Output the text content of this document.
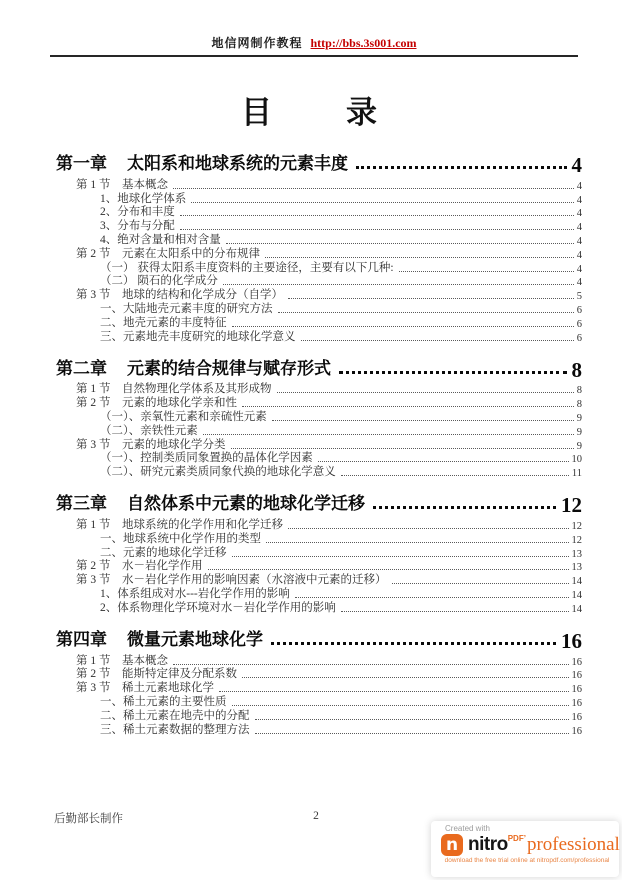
地信网制作教程 http://bbs.3s001.com
目　　录
第一章 太阳系和地球系统的元素丰度	4
第 1 节　基本概念	4
1、地球化学体系	4
2、分布和丰度	4
3、分布与分配	4
4、绝对含量和相对含量	4
第 2 节　元素在太阳系中的分布规律	4
（一） 获得太阳系丰度资料的主要途径，主要有以下几种:	4
（二） 陨石的化学成分	4
第 3 节　地球的结构和化学成分（自学）	5
一、大陆地壳元素丰度的研究方法	6
二、地壳元素的丰度特征	6
三、元素地壳丰度研究的地球化学意义	6
第二章 元素的结合规律与赋存形式	8
第 1 节　自然物理化学体系及其形成物	8
第 2 节　元素的地球化学亲和性	8
（一）、亲氧性元素和亲硫性元素	9
（二）、亲铁性元素	9
第 3 节　元素的地球化学分类	9
（一）、控制类质同象置换的晶体化学因素	10
（二）、研究元素类质同象代换的地球化学意义	11
第三章 自然体系中元素的地球化学迁移	12
第 1 节　地球系统的化学作用和化学迁移	12
一、地球系统中化学作用的类型	12
二、元素的地球化学迁移	13
第 2 节　水－岩化学作用	13
第 3 节　水－岩化学作用的影响因素（水溶液中元素的迁移）	14
1、体系组成对水---岩化学作用的影响	14
2、体系物理化学环境对水－岩化学作用的影响	14
第四章 微量元素地球化学	16
第 1 节　基本概念	16
第 2 节　能斯特定律及分配系数	16
第 3 节　稀土元素地球化学	16
一、稀土元素的主要性质	16
二、稀土元素在地壳中的分配	16
三、稀土元素数据的整理方法	16
后勤部长制作	2
Created with
n nitro$^{PDF’}$ professional
download the free trial online at nitropdf.com/professional
